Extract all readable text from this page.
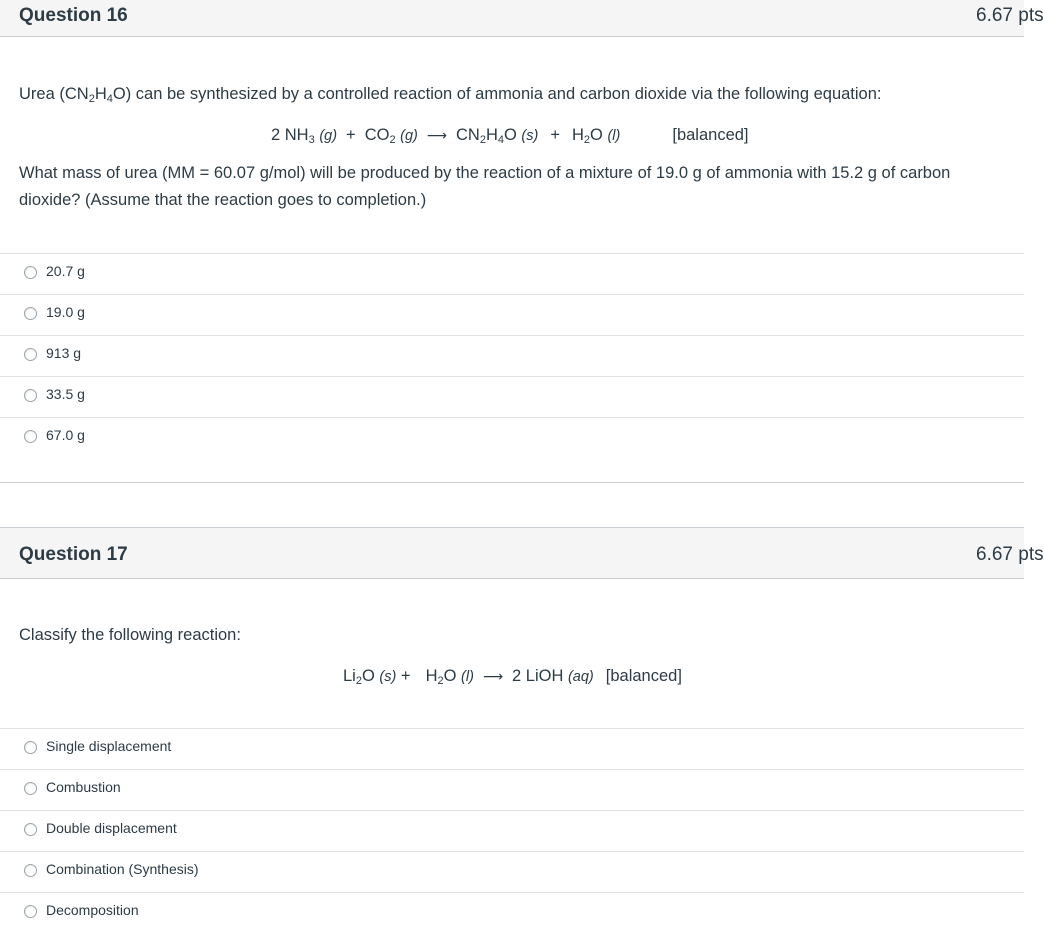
Question 16	6.67 pts
Urea $(CN_2H_4O)$ can be synthesized by a controlled reaction of ammonia and carbon dioxide via the following equation:
2 $NH_3$ $(g) + CO_2$ (g) ⟶ $CN_2H_4O$ $(s) + H_2O$ (l)	[balanced]
What mass of urea (MM = 60.07 g/mol) will be produced by the reaction of a mixture of 19.0 g of ammonia with 15.2 g of carbon
dioxide? (Assume that the reaction goes to completion.)
20.7 g
19.0 g
913 g
33.5 g
67.0 g
Question 17	6.67 pts
Classify the following reaction:
$Li_2O$ $(s) + H_2O$ (l) ⟶ 2 LiOH (aq) [balanced]
Single displacement
Combustion
Double displacement
Combination (Synthesis)
Decomposition
